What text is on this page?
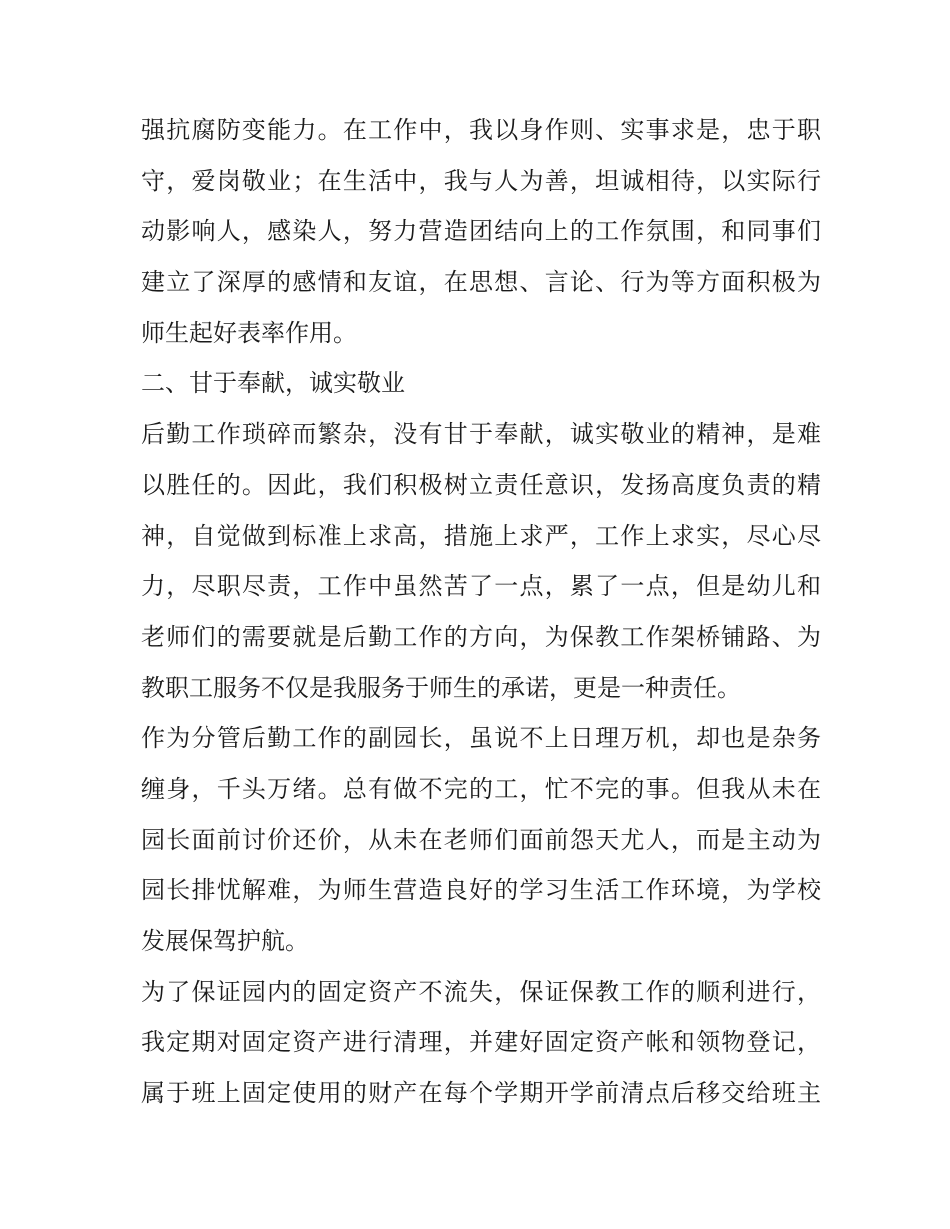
强抗腐防变能力。在工作中，我以身作则、实事求是，忠于职
守，爱岗敬业；在生活中，我与人为善，坦诚相待，以实际行
动影响人，感染人，努力营造团结向上的工作氛围，和同事们
建立了深厚的感情和友谊，在思想、言论、行为等方面积极为
师生起好表率作用。
二、甘于奉献，诚实敬业
后勤工作琐碎而繁杂，没有甘于奉献，诚实敬业的精神，是难
以胜任的。因此，我们积极树立责任意识，发扬高度负责的精
神，自觉做到标准上求高，措施上求严，工作上求实，尽心尽
力，尽职尽责，工作中虽然苦了一点，累了一点，但是幼儿和
老师们的需要就是后勤工作的方向，为保教工作架桥铺路、为
教职工服务不仅是我服务于师生的承诺，更是一种责任。
作为分管后勤工作的副园长，虽说不上日理万机，却也是杂务
缠身，千头万绪。总有做不完的工，忙不完的事。但我从未在
园长面前讨价还价，从未在老师们面前怨天尤人，而是主动为
园长排忧解难，为师生营造良好的学习生活工作环境，为学校
发展保驾护航。
为了保证园内的固定资产不流失，保证保教工作的顺利进行，
我定期对固定资产进行清理，并建好固定资产帐和领物登记，
属于班上固定使用的财产在每个学期开学前清点后移交给班主
